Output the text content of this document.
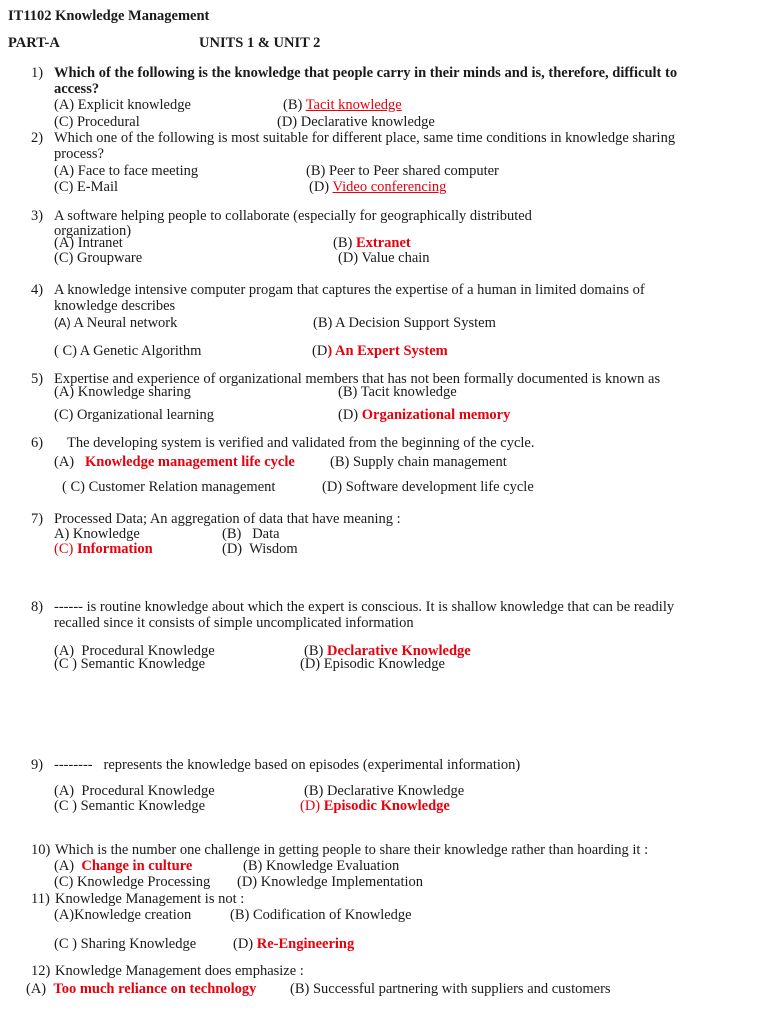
IT1102 Knowledge Management
PART-A	UNITS 1 & UNIT 2
1) Which of the following is the knowledge that people carry in their minds and is, therefore, difficult to
access?
(A) Explicit knowledge	(B) Tacit knowledge
(C) Procedural	(D) Declarative knowledge
2) Which one of the following is most suitable for different place, same time conditions in knowledge sharing
process?
(A) Face to face meeting	(B) Peer to Peer shared computer
(C) E-Mail	(D) Video conferencing
3) A software helping people to collaborate (especially for geographically distributed
organization)
(A) Intranet	(B) Extranet
(C) Groupware	(D) Value chain
4) A knowledge intensive computer progam that captures the expertise of a human in limited domains of
knowledge describes
(A) A Neural network	(B) A Decision Support System
( C) A Genetic Algorithm	(D) An Expert System
5) Expertise and experience of organizational members that has not been formally documented is known as
(A) Knowledge sharing	(B) Tacit knowledge
(C) Organizational learning	(D) Organizational memory
6) The developing system is verified and validated from the beginning of the cycle.
(A)   Knowledge management life cycle (B) Supply chain management
( C) Customer Relation management	(D) Software development life cycle
7) Processed Data; An aggregation of data that have meaning :
A) Knowledge	(B)   Data
(C) Information	(D)  Wisdom
8) ------ is routine knowledge about which the expert is conscious. It is shallow knowledge that can be readily
recalled since it consists of simple uncomplicated information
(A)  Procedural Knowledge	(B) Declarative Knowledge
(C ) Semantic Knowledge	(D) Episodic Knowledge
9) --------   represents the knowledge based on episodes (experimental information)
(A)  Procedural Knowledge	(B) Declarative Knowledge
(C ) Semantic Knowledge	(D) Episodic Knowledge
10) Which is the number one challenge in getting people to share their knowledge rather than hoarding it :
(A)  Change in culture	(B) Knowledge Evaluation
(C) Knowledge Processing (D) Knowledge Implementation
11) Knowledge Management is not :
(A)Knowledge creation	(B) Codification of Knowledge
(C ) Sharing Knowledge	(D) Re-Engineering
12) Knowledge Management does emphasize :
(A)  Too much reliance on technology (B) Successful partnering with suppliers and customers
